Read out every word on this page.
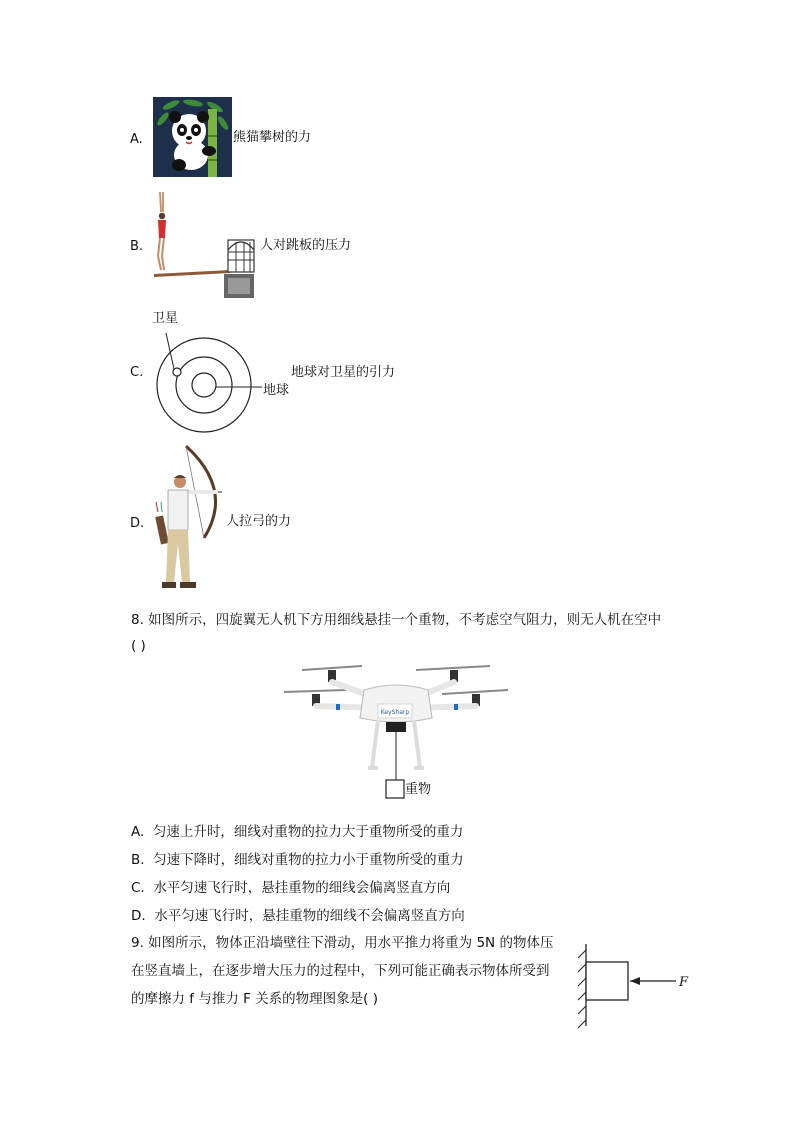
A.	熊猫攀树的力
B.	人对跳板的压力
C.
卫星
地球
地球对卫星的引力
D.	人拉弓的力
8. 如图所示，四旋翼无人机下方用细线悬挂一个重物，不考虑空气阻力，则无人机在空中
( )
KeySharp
重物
A. 匀速上升时，细线对重物的拉力大于重物所受的重力
B. 匀速下降时，细线对重物的拉力小于重物所受的重力
C. 水平匀速飞行时，悬挂重物的细线会偏离竖直方向
D. 水平匀速飞行时，悬挂重物的细线不会偏离竖直方向
9. 如图所示，物体正沿墙壁往下滑动，用水平推力将重为 5N 的物体压
在竖直墙上，在逐步增大压力的过程中，下列可能正确表示物体所受到
的摩擦力 f 与推力 F 关系的物理图象是( )
F
